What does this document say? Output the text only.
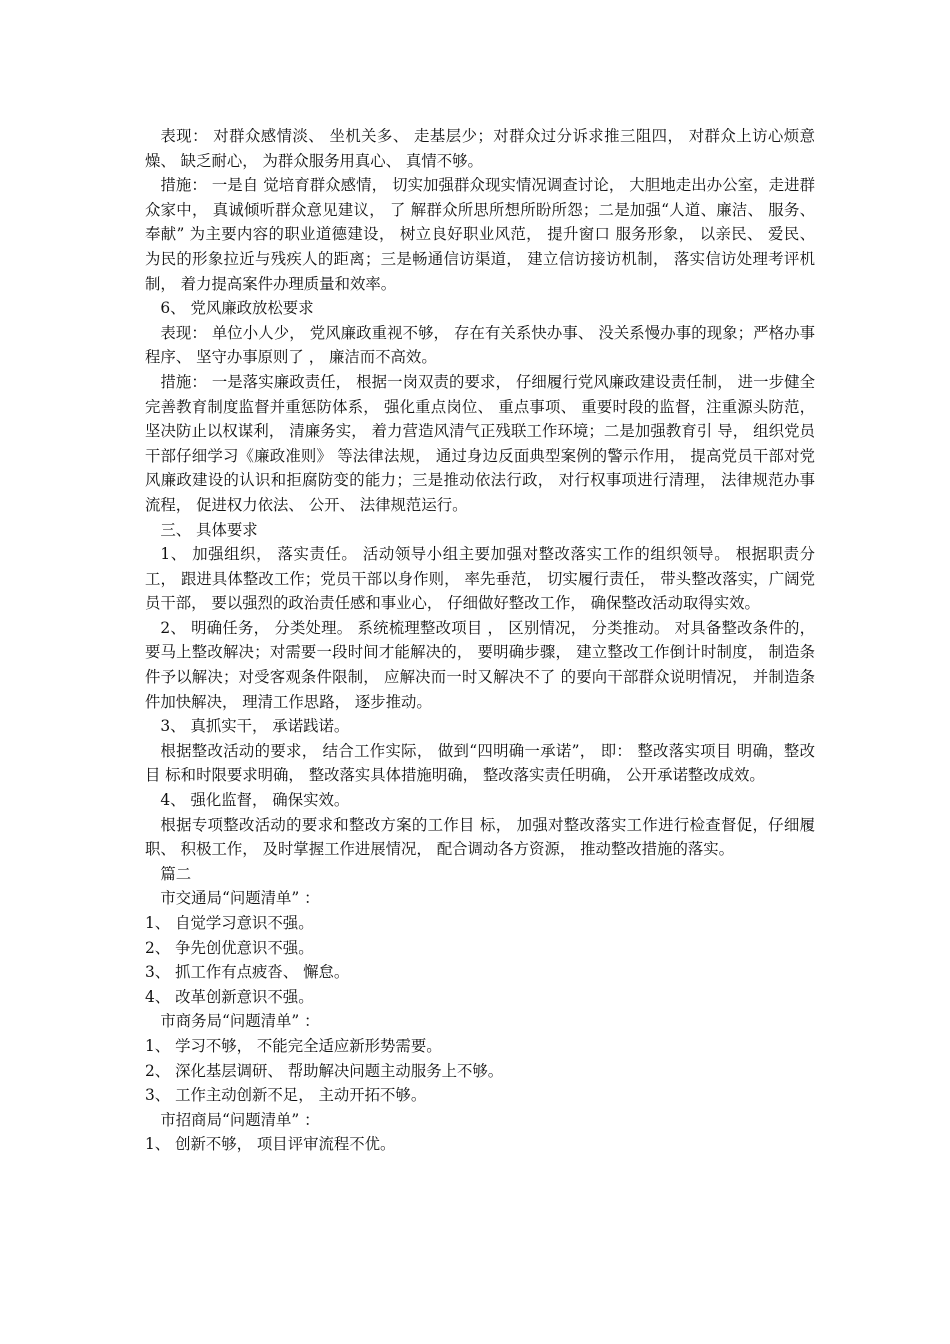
表现： 对群众感情淡、 坐机关多、 走基层少；对群众过分诉求推三阻四， 对群众上访心烦意燥、 缺乏耐心， 为群众服务用真心、 真情不够。

措施： 一是自 觉培育群众感情， 切实加强群众现实情况调查讨论， 大胆地走出办公室，走进群众家中， 真诚倾听群众意见建议， 了 解群众所思所想所盼所怨；二是加强“人道、廉洁、 服务、 奉献” 为主要内容的职业道德建设， 树立良好职业风范， 提升窗口 服务形象， 以亲民、 爱民、 为民的形象拉近与残疾人的距离；三是畅通信访渠道， 建立信访接访机制， 落实信访处理考评机制， 着力提高案件办理质量和效率。

6、 党风廉政放松要求

表现： 单位小人少， 党风廉政重视不够， 存在有关系快办事、 没关系慢办事的现象；严格办事程序、 坚守办事原则了 ， 廉洁而不高效。

措施： 一是落实廉政责任， 根据一岗双责的要求， 仔细履行党风廉政建设责任制， 进一步健全完善教育制度监督并重惩防体系， 强化重点岗位、 重点事项、 重要时段的监督，注重源头防范， 坚决防止以权谋利， 清廉务实， 着力营造风清气正残联工作环境；二是加强教育引 导， 组织党员干部仔细学习《廉政准则》 等法律法规， 通过身边反面典型案例的警示作用， 提高党员干部对党风廉政建设的认识和拒腐防变的能力；三是推动依法行政， 对行权事项进行清理， 法律规范办事流程， 促进权力依法、 公开、 法律规范运行。

三、 具体要求

1、 加强组织， 落实责任。 活动领导小组主要加强对整改落实工作的组织领导。 根据职责分工， 跟进具体整改工作；党员干部以身作则， 率先垂范， 切实履行责任， 带头整改落实，广阔党员干部， 要以强烈的政治责任感和事业心， 仔细做好整改工作， 确保整改活动取得实效。

2、 明确任务， 分类处理。 系统梳理整改项目 ， 区别情况， 分类推动。 对具备整改条件的， 要马上整改解决；对需要一段时间才能解决的， 要明确步骤， 建立整改工作倒计时制度， 制造条件予以解决；对受客观条件限制， 应解决而一时又解决不了 的要向干部群众说明情况， 并制造条件加快解决， 理清工作思路， 逐步推动。

3、 真抓实干， 承诺践诺。

根据整改活动的要求， 结合工作实际， 做到“四明确一承诺”， 即： 整改落实项目 明确，整改目 标和时限要求明确， 整改落实具体措施明确， 整改落实责任明确， 公开承诺整改成效。

4、 强化监督， 确保实效。

根据专项整改活动的要求和整改方案的工作目 标， 加强对整改落实工作进行检查督促，仔细履职、 积极工作， 及时掌握工作进展情况， 配合调动各方资源， 推动整改措施的落实。

篇二

市交通局“问题清单” ：

1、 自觉学习意识不强。

2、 争先创优意识不强。

3、 抓工作有点疲沓、 懈怠。

4、 改革创新意识不强。

市商务局“问题清单” ：

1、 学习不够， 不能完全适应新形势需要。

2、 深化基层调研、 帮助解决问题主动服务上不够。

3、 工作主动创新不足， 主动开拓不够。

市招商局“问题清单” ：

1、 创新不够， 项目评审流程不优。
